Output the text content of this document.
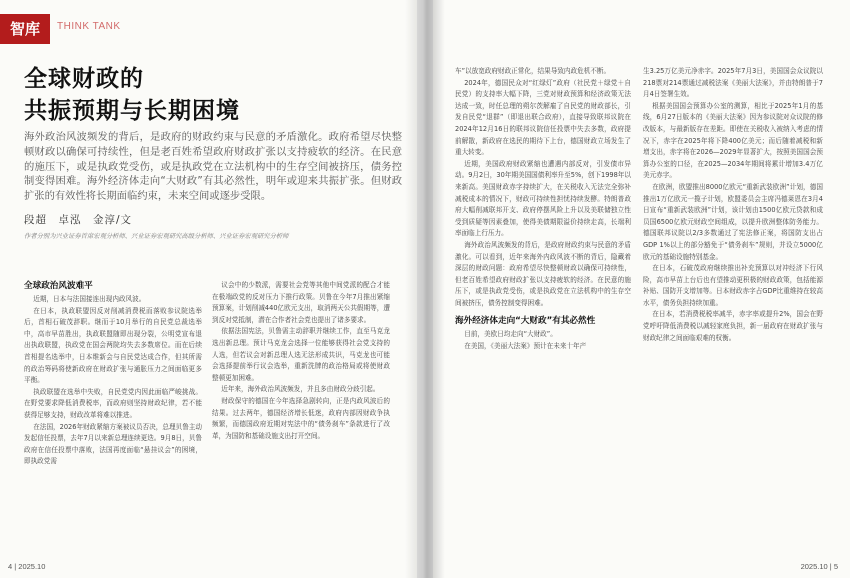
智库	THINK TANK
全球财政的
共振预期与长期困境
海外政治风波频发的背后，是政府的财政约束与民意的矛盾激化。政府希望尽快整顿财政以确保可持续性，但是老百姓希望政府财政扩张以支持疲软的经济。在民意的施压下，或是执政党受伤，或是执政党在立法机构中的生存空间被挤压，债务控制变得困难。海外经济体走向“大财政”有其必然性，明年或迎来共振扩张。但财政扩张的有效性将长期面临约束，未来空间或逐步受限。
段超　卓泓　金淳/文
作者分别为兴业证券首席宏观分析师、兴业证券宏观研究高级分析师、兴业证券宏观研究分析师
全球政治风波难平

近期，日本与法国接连出现内政风波。

在日本，执政联盟因反对削减消费税而落败参议院选举后，首相石破茂辞职。继而于10月举行的自民党总裁选举中，高市早苗胜出，执政联盟随即出现分裂，公明党宣布退出执政联盟，执政党在国会两院均失去多数席位。而在后续首相提名选举中，日本维新会与自民党达成合作，但其所需的政治筹码将使新政府在财政扩张与通胀压力之间面临更多平衡。

执政联盟在选举中失败，自民党党内因此面临严峻挑战。在野党要求降低消费税率，而政府则坚持财政纪律，若不能获得足够支持，财政改革将难以推进。

在法国，2026年财政紧缩方案被议员否决，总理贝鲁主动发起信任投票，去年7月以来新总理连续更迭。9月8日，贝鲁政府在信任投票中落败，法国再度面临“悬挂议会”的困境，即执政党需

议会中的少数派，需要社会党等其他中间党派的配合才能在极端政党的反对压力下推行政策。贝鲁在今年7月推出紧缩预算案，计划削减440亿欧元支出，取消两天公共假期等，遭到反对党抵制，潜在合作者社会党也提出了诸多要求。

依据法国宪法，贝鲁需主动辞职并继续工作，直至马克龙选出新总理。预计马克龙会选择一位能够获得社会党支持的人选，但若议会对新总理人选无法形成共识，马克龙也可能会选择提前举行议会选举，重新洗牌的政治格局或将使财政整顿更加困难。

近年来，海外政治风波频发，并且多由财政分歧引起。

财政保守的德国在今年选择急剧转向，正是内政风波后的结果。过去两年，德国经济增长低迷，政府内部因财政争执频繁，而德国政府近期对宪法中的“债务刹车”条款进行了改革，为国防和基础设施支出打开空间。

4 | 2025.10

车”以放宽政府财政正常化，结果导致内政危机不断。

2024年，德国民众对“红绿灯”政府（社民党＋绿党＋自民党）的支持率大幅下降，三党对财政预算和经济政策无法达成一致，时任总理的朔尔茨解雇了自民党的财政部长，引发自民党“退群”（即退出联合政府），直接导致联邦议院在2024年12月16日的联邦议院信任投票中失去多数，政府提前解散，新政府在选民的期待下上台，德国财政立场发生了重大转变。

近期，美国政府财政紧缩也遭遇内部反对，引发债市异动。9月2日，30年期美国国债利率升至5%，创下1998年以来新高。美国财政赤字持续扩大，在关税收入无法完全弥补减税成本的情况下，财政可持续性担忧持续发酵。特朗普政府大幅削减联邦开支、政府停摆风险上升以及美联储独立性受到质疑等因素叠加，使得美债期限溢价持续走高，长端利率面临上行压力。

海外政治风波频发的背后，是政府财政约束与民意的矛盾激化。可以看到，近年来海外内政风波不断的背后，隐藏着深层的财政问题：政府希望尽快整顿财政以确保可持续性，但老百姓希望政府财政扩张以支持疲软的经济。在民意的施压下，或是执政党受伤，或是执政党在立法机构中的生存空间被挤压，债务控制变得困难。

海外经济体走向“大财政”有其必然性

目前，美欧日均走向“大财政”。

在美国，《美丽大法案》预计在未来十年产

生3.25万亿美元净赤字。2025年7月3日，美国国会众议院以218票对214票通过减税法案《美丽大法案》，并由特朗普于7月4日签署生效。

根据美国国会预算办公室的测算，相比于2025年1月的基线，6月27日版本的《美丽大法案》因为参议院对众议院的修改版本，与最新版存在差距。即使在关税收入被纳入考虑的情况下，赤字在2025年将下降400亿美元；而后随着减税和新增支出，赤字将在2026—2029年显著扩大，按照美国国会预算办公室的口径，在2025—2034年期间将累计增加3.4万亿美元赤字。

在欧洲，欧盟推出8000亿欧元“重新武装欧洲”计划，德国推出1万亿欧元一揽子计划，欧盟委员会主席冯德莱恩在3月4日宣布“重新武装欧洲”计划，该计划由1500亿欧元贷款和成员国6500亿欧元财政空间组成，以提升欧洲整体防务能力。德国联邦议院以2/3多数通过了宪法修正案，将国防支出占GDP 1%以上的部分豁免于“债务刹车”规则，并设立5000亿欧元的基础设施特别基金。

在日本，石破茂政府继续推出补充预算以对冲经济下行风险，高市早苗上台后也有望推动更积极的财政政策，包括能源补贴、国防开支增加等。日本财政赤字占GDP比重维持在较高水平，债务负担持续加重。

在日本，若消费税税率减半，赤字率或提升2%，国会在野党呼吁降低消费税以减轻家庭负担，新一届政府在财政扩张与财政纪律之间面临艰难的权衡。

2025.10 | 5
